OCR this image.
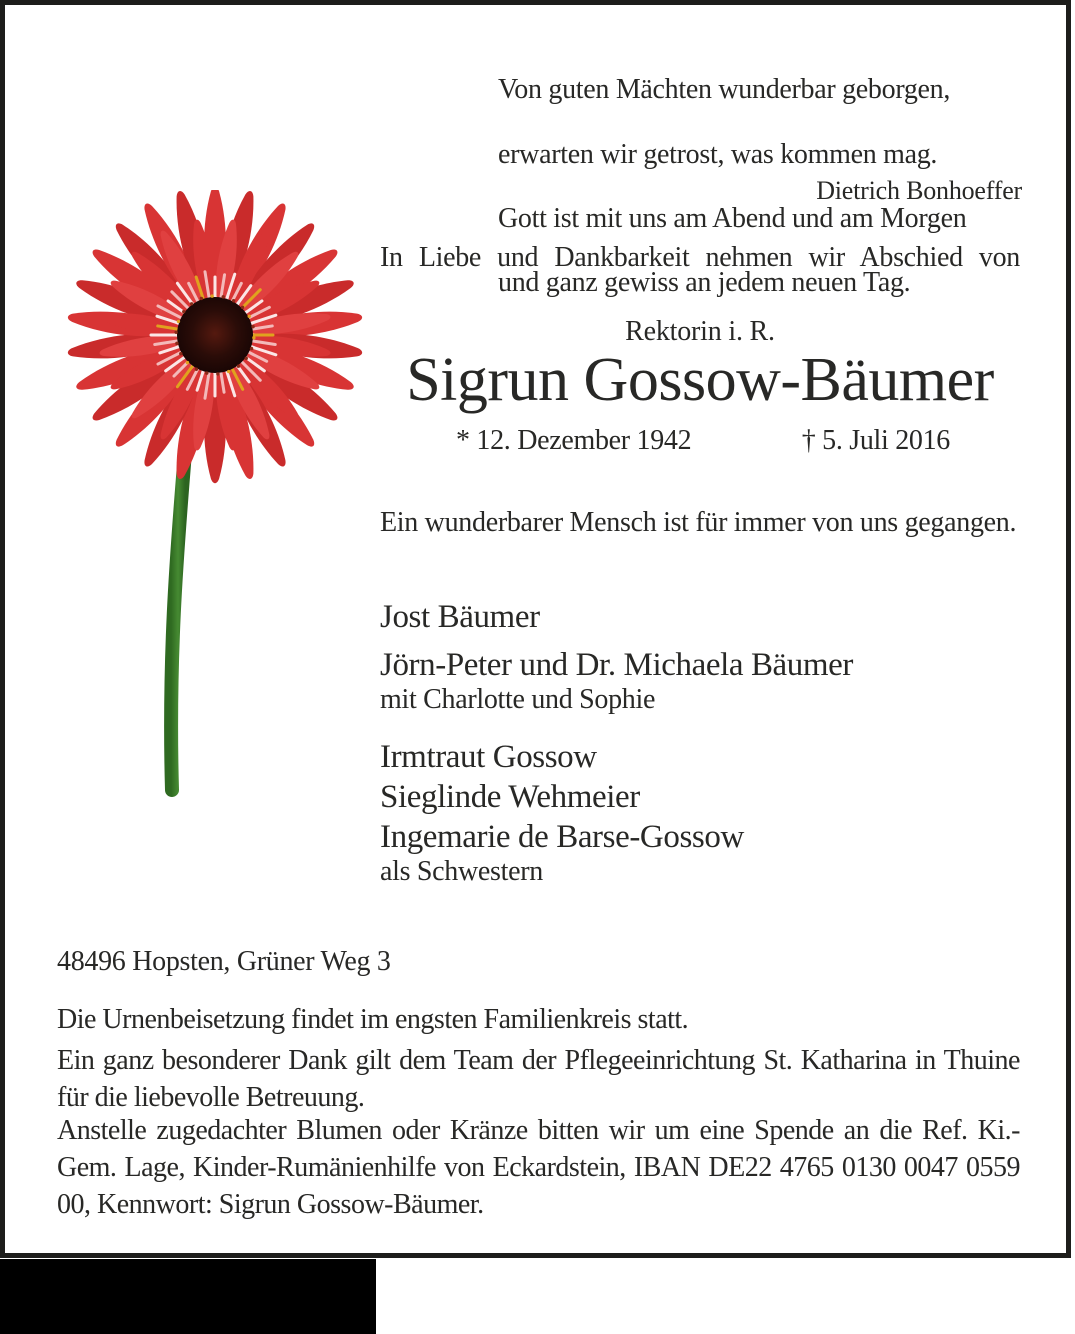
Von guten Mächten wunderbar geborgen,

erwarten wir getrost, was kommen mag.

Gott ist mit uns am Abend und am Morgen

und ganz gewiss an jedem neuen Tag.

Dietrich Bonhoeffer
In Liebe und Dankbarkeit nehmen wir Abschied von
Rektorin i. R.
Sigrun Gossow-Bäumer
* 12. Dezember 1942	† 5. Juli 2016
Ein wunderbarer Mensch ist für immer von uns gegangen.
Jost Bäumer
Jörn-Peter und Dr. Michaela Bäumer
mit Charlotte und Sophie
Irmtraut Gossow
Sieglinde Wehmeier
Ingemarie de Barse-Gossow
als Schwestern
48496 Hopsten, Grüner Weg 3
Die Urnenbeisetzung findet im engsten Familienkreis statt.
Ein ganz besonderer Dank gilt dem Team der Pflegeeinrichtung St. Katharina in Thuine für die liebevolle Betreuung.
Anstelle zugedachter Blumen oder Kränze bitten wir um eine Spende an die Ref. Ki.-Gem. Lage, Kinder-Rumänienhilfe von Eckardstein, IBAN DE22 4765 0130 0047 0559 00, Kennwort: Sigrun Gossow-Bäumer.
